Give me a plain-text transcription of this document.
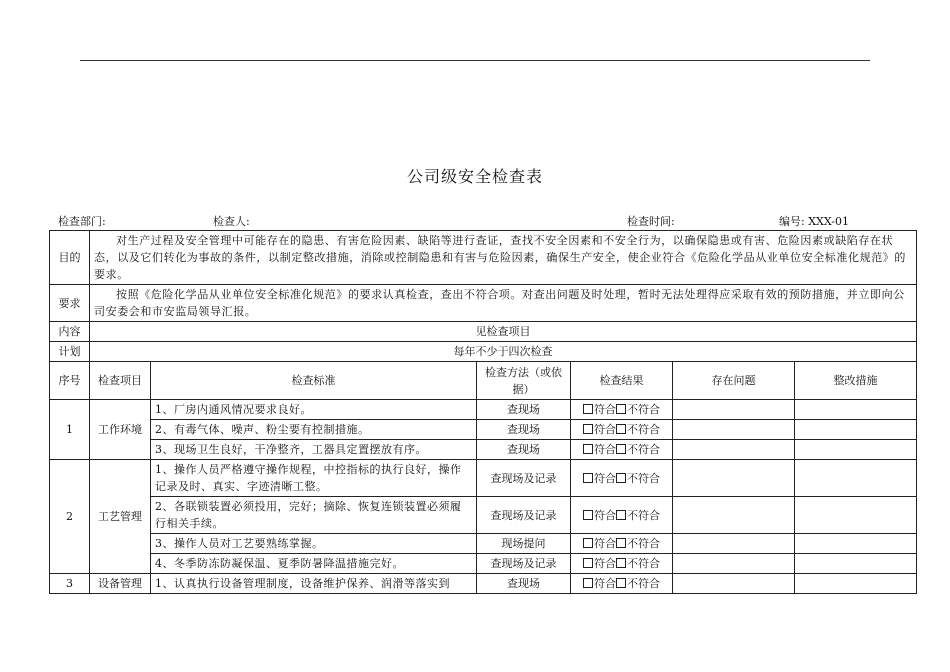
公司级安全检查表
检查部门:	检查人:	检查时间:	编号: XXX-01
目的	对生产过程及安全管理中可能存在的隐患、有害危险因素、缺陷等进行查证，查找不安全因素和不安全行为，以确保隐患或有害、危险因素或缺陷存在状态，以及它们转化为事故的条件，以制定整改措施，消除或控制隐患和有害与危险因素，确保生产安全，使企业符合《危险化学品从业单位安全标准化规范》的要求。					
要求	按照《危险化学品从业单位安全标准化规范》的要求认真检查，查出不符合项。对查出问题及时处理，暂时无法处理得应采取有效的预防措施，并立即向公司安委会和市安监局领导汇报。					
内容	见检查项目					
计划	每年不少于四次检查					
序号	检查项目	检查标准	检查方法（或依据）	检查结果	存在问题	整改措施
1	工作环境	1、厂房内通风情况要求良好。	查现场	符合 不符合		
		2、有毒气体、噪声、粉尘要有控制措施。	查现场	符合 不符合		
		3、现场卫生良好，干净整齐，工器具定置摆放有序。	查现场	符合 不符合		
2	工艺管理	1、操作人员严格遵守操作规程，中控指标的执行良好，操作记录及时、真实、字迹清晰工整。	查现场及记录	符合 不符合		
		2、各联锁装置必须投用，完好；摘除、恢复连锁装置必须履行相关手续。	查现场及记录	符合 不符合		
		3、操作人员对工艺要熟练掌握。	现场提问	符合 不符合		
		4、冬季防冻防凝保温、夏季防暑降温措施完好。	查现场及记录	符合 不符合		
3	设备管理	1、认真执行设备管理制度，设备维护保养、润滑等落实到	查现场	符合 不符合		
